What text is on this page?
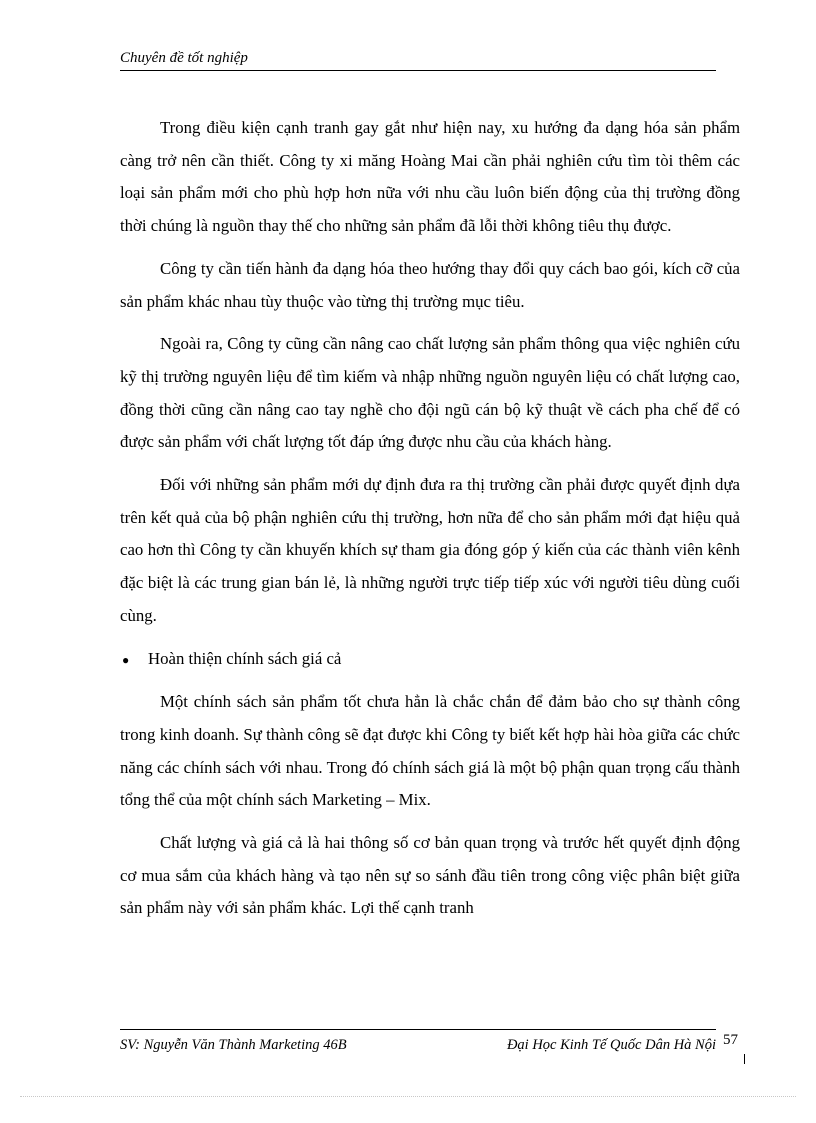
Chuyên đề tốt nghiệp

Trong điều kiện cạnh tranh gay gắt như hiện nay, xu hướng đa dạng hóa sản phẩm càng trở nên cần thiết. Công ty xi măng Hoàng Mai cần phải nghiên cứu tìm tòi thêm các loại sản phẩm mới cho phù hợp hơn nữa với nhu cầu luôn biến động của thị trường đồng thời chúng là nguồn thay thế cho những sản phẩm đã lỗi thời không tiêu thụ được.

Công ty cần tiến hành đa dạng hóa theo hướng thay đổi quy cách bao gói, kích cỡ của sản phẩm khác nhau tùy thuộc vào từng thị trường mục tiêu.

Ngoài ra, Công ty cũng cần nâng cao chất lượng sản phẩm thông qua việc nghiên cứu kỹ thị trường nguyên liệu để tìm kiếm và nhập những nguồn nguyên liệu có chất lượng cao, đồng thời cũng cần nâng cao tay nghề cho đội ngũ cán bộ kỹ thuật về cách pha chế để có được sản phẩm với chất lượng tốt đáp ứng được nhu cầu của khách hàng.

Đối với những sản phẩm mới dự định đưa ra thị trường cần phải được quyết định dựa trên kết quả của bộ phận nghiên cứu thị trường, hơn nữa để cho sản phẩm mới đạt hiệu quả cao hơn thì Công ty cần khuyến khích sự tham gia đóng góp ý kiến của các thành viên kênh đặc biệt là các trung gian bán lẻ, là những người trực tiếp tiếp xúc với người tiêu dùng cuối cùng.

●	Hoàn thiện chính sách giá cả

Một chính sách sản phẩm tốt chưa hẳn là chắc chắn để đảm bảo cho sự thành công trong kinh doanh. Sự thành công sẽ đạt được khi Công ty biết kết hợp hài hòa giữa các chức năng các chính sách với nhau. Trong đó chính sách giá là một bộ phận quan trọng cấu thành tổng thể của một chính sách Marketing – Mix.

Chất lượng và giá cả là hai thông số cơ bản quan trọng và trước hết quyết định động cơ mua sắm của khách hàng và tạo nên sự so sánh đầu tiên trong công việc phân biệt giữa sản phẩm này với sản phẩm khác. Lợi thế cạnh tranh

SV: Nguyễn Văn Thành Marketing 46B	Đại Học Kinh Tế Quốc Dân Hà Nội 57
